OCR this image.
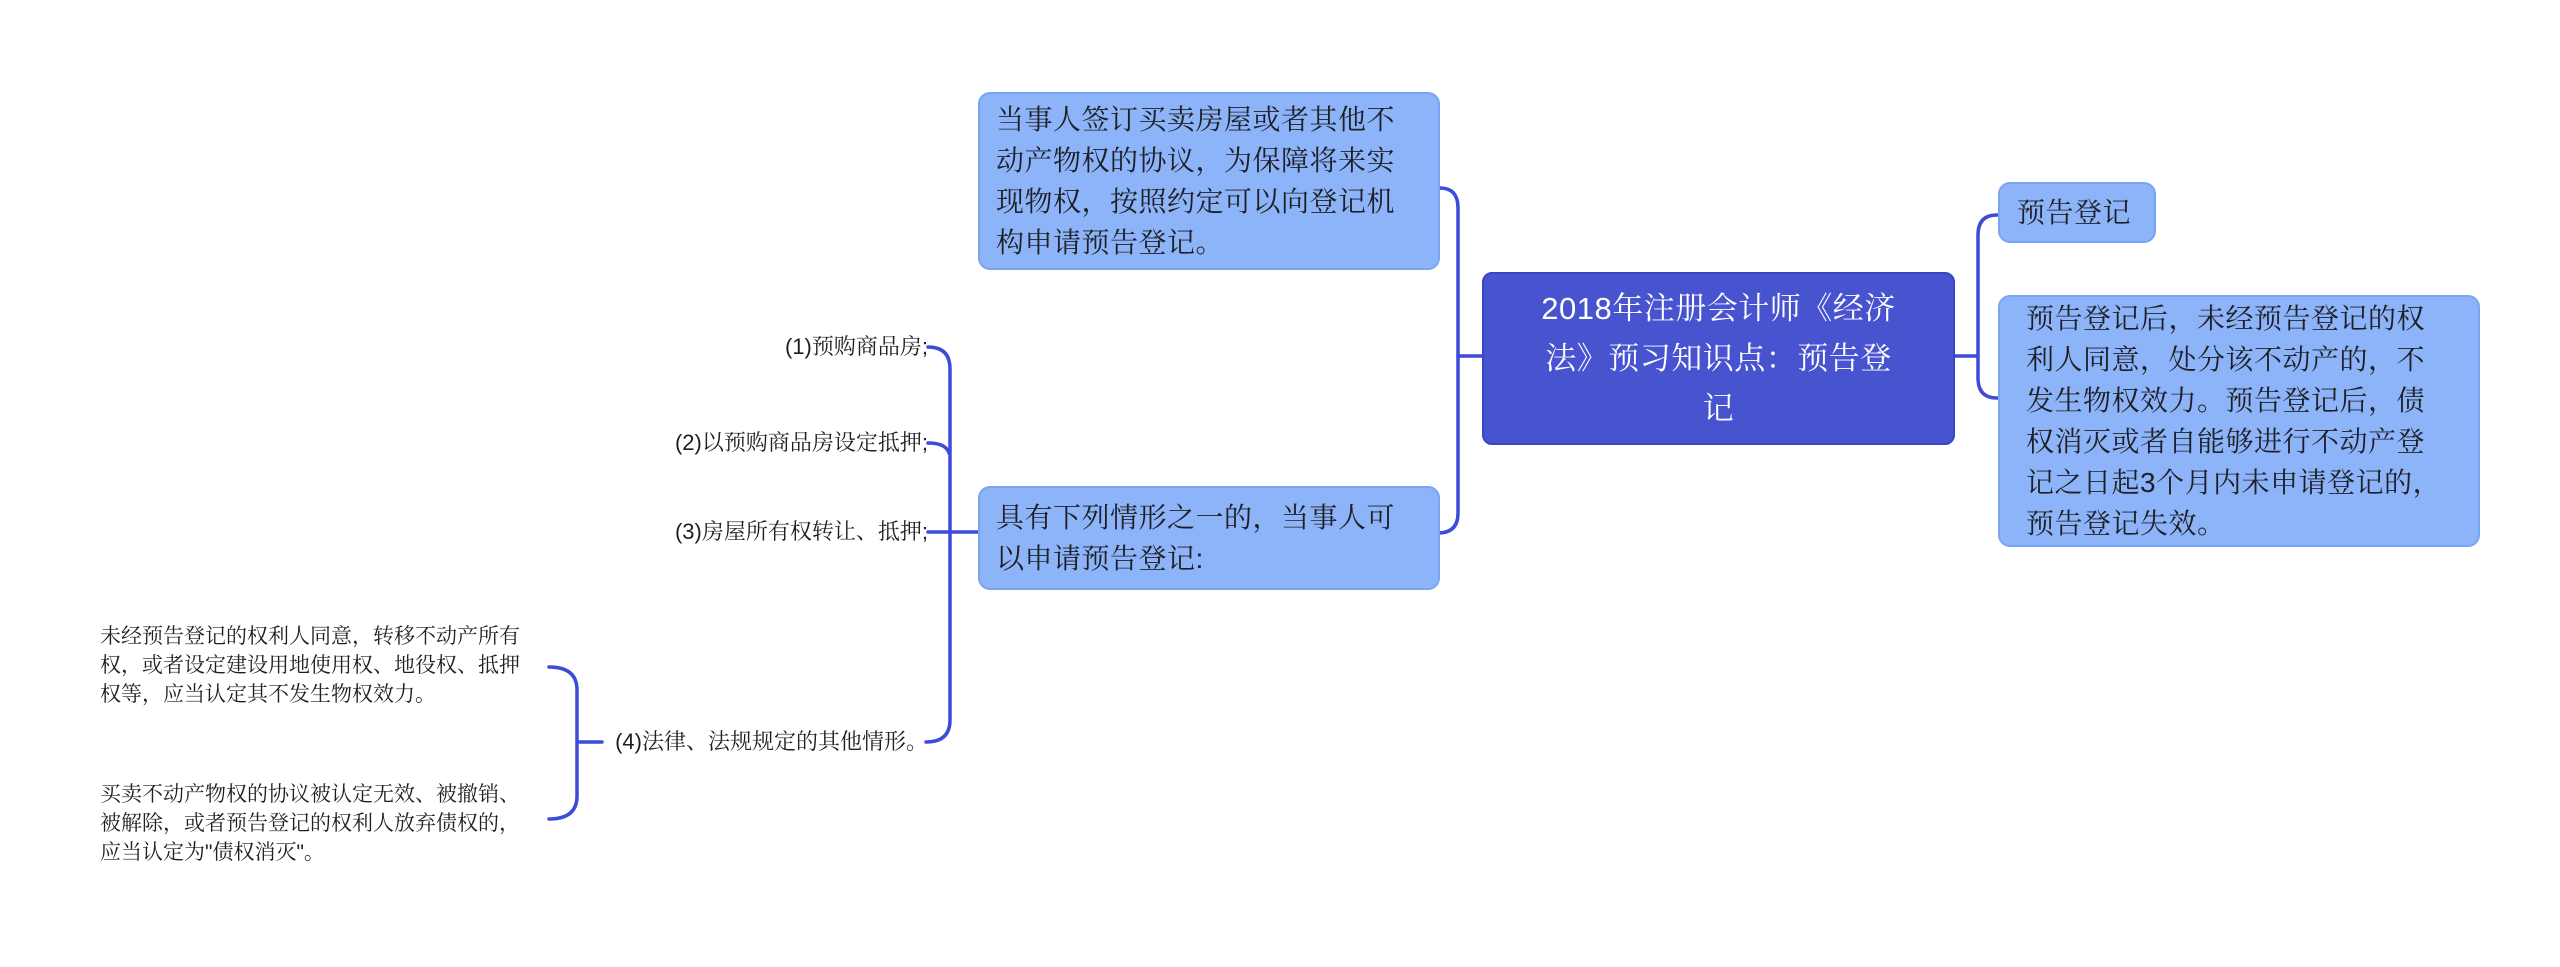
当事人签订买卖房屋或者其他不动产物权的协议，为保障将来实现物权，按照约定可以向登记机构申请预告登记。
具有下列情形之一的，当事人可以申请预告登记:
2018年注册会计师《经济法》预习知识点：预告登记
预告登记
预告登记后，未经预告登记的权利人同意，处分该不动产的，不发生物权效力。预告登记后，债权消灭或者自能够进行不动产登记之日起3个月内未申请登记的，预告登记失效。
(1)预购商品房;
(2)以预购商品房设定抵押;
(3)房屋所有权转让、抵押;
(4)法律、法规规定的其他情形。
未经预告登记的权利人同意，转移不动产所有权，或者设定建设用地使用权、地役权、抵押权等，应当认定其不发生物权效力。
买卖不动产物权的协议被认定无效、被撤销、被解除，或者预告登记的权利人放弃债权的，应当认定为"债权消灭"。
